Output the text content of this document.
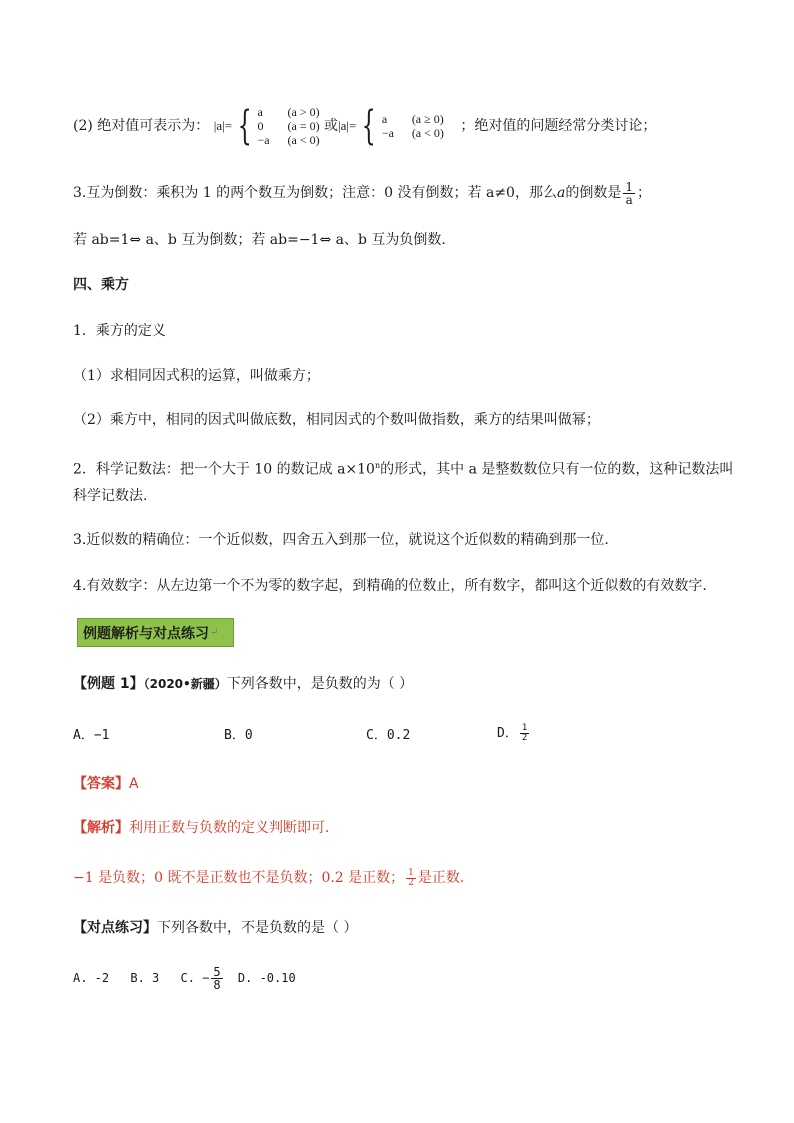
(2) 绝对值可表示为： |a|= { a (a > 0)
0 (a = 0)
−a (a < 0)
或|a|= { a (a ≥ 0)
−a (a < 0) ；绝对值的问题经常分类讨论；
3.互为倒数：乘积为 1 的两个数互为倒数；注意：0 没有倒数；若 a≠0，那么a的倒数是 $\frac{1}{a}$ ；
若 ab=1⇔ a、b 互为倒数；若 ab=−1⇔ a、b 互为负倒数.
四、乘方
1．乘方的定义
（1）求相同因式积的运算，叫做乘方；
（2）乘方中，相同的因式叫做底数，相同因式的个数叫做指数，乘方的结果叫做幂；
2．科学记数法：把一个大于 10 的数记成 $a\times 10^n$的形式，其中 a 是整数数位只有一位的数，这种记数法叫
科学记数法.
3.近似数的精确位：一个近似数，四舍五入到那一位，就说这个近似数的精确到那一位.
4.有效数字：从左边第一个不为零的数字起，到精确的位数止，所有数字，都叫这个近似数的有效数字.
例题解析与对点练习 ↵
【例题 1】（2020•新疆）下列各数中，是负数的为（ ）
A．−1	B．0	C．0.2	D． $\frac{1}{2}$
【答案】A
【解析】利用正数与负数的定义判断即可．
−1 是负数；0 既不是正数也不是负数；0.2 是正数； $\frac{1}{2}$ 是正数．
【对点练习】下列各数中，不是负数的是（ ）
A. -2 B. 3 C. − $\frac{5}{8} D$. -0.10
